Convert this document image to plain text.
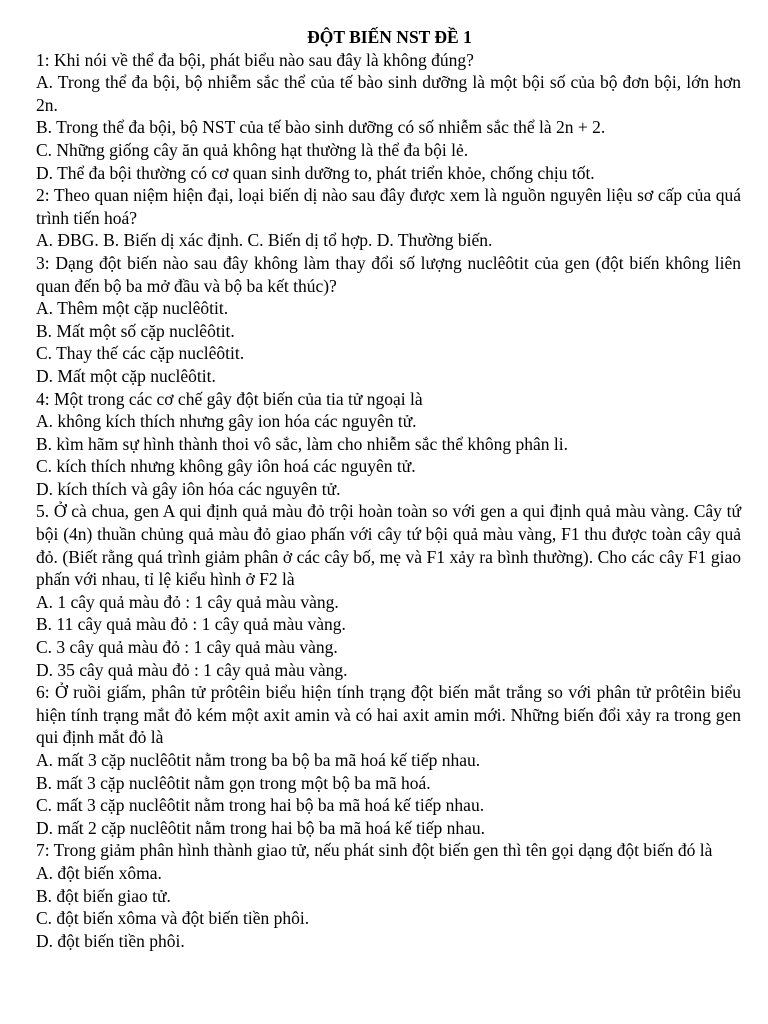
ĐỘT BIẾN NST ĐỀ 1

1: Khi nói về thể đa bội, phát biểu nào sau đây là không đúng?

A. Trong thể đa bội, bộ nhiễm sắc thể của tế bào sinh dưỡng là một bội số của bộ đơn bội, lớn hơn 2n.

B. Trong thể đa bội, bộ NST của tế bào sinh dưỡng có số nhiễm sắc thể là 2n + 2.

C. Những giống cây ăn quả không hạt thường là thể đa bội lẻ.

D. Thể đa bội thường có cơ quan sinh dưỡng to, phát triển khỏe, chống chịu tốt.

2: Theo quan niệm hiện đại, loại biến dị nào sau đây được xem là nguồn nguyên liệu sơ cấp của quá trình tiến hoá?

A. ĐBG. B. Biến dị xác định. C. Biến dị tổ hợp. D. Thường biến.

3: Dạng đột biến nào sau đây không làm thay đổi số lượng nuclêôtit của gen (đột biến không liên quan đến bộ ba mở đầu và bộ ba kết thúc)?

A. Thêm một cặp nuclêôtit.

B. Mất một số cặp nuclêôtit.

C. Thay thế các cặp nuclêôtit.

D. Mất một cặp nuclêôtit.

4: Một trong các cơ chế gây đột biến của tia tử ngoại là

A. không kích thích nhưng gây ion hóa các nguyên tử.

B. kìm hãm sự hình thành thoi vô sắc, làm cho nhiễm sắc thể không phân li.

C. kích thích nhưng không gây iôn hoá các nguyên tử.

D. kích thích và gây iôn hóa các nguyên tử.

5. Ở cà chua, gen A qui định quả màu đỏ trội hoàn toàn so với gen a qui định quả màu vàng. Cây tứ bội (4n) thuần chủng quả màu đỏ giao phấn với cây tứ bội quả màu vàng, F1 thu được toàn cây quả đỏ. (Biết rằng quá trình giảm phân ở các cây bố, mẹ và F1 xảy ra bình thường). Cho các cây F1 giao phấn với nhau, tỉ lệ kiểu hình ở F2 là

A. 1 cây quả màu đỏ : 1 cây quả màu vàng.

B. 11 cây quả màu đỏ : 1 cây quả màu vàng.

C. 3 cây quả màu đỏ : 1 cây quả màu vàng.

D. 35 cây quả màu đỏ : 1 cây quả màu vàng.

6: Ở ruồi giấm, phân tử prôtêin biểu hiện tính trạng đột biến mắt trắng so với phân tử prôtêin biểu hiện tính trạng mắt đỏ kém một axit amin và có hai axit amin mới. Những biến đổi xảy ra trong gen qui định mắt đỏ là

A. mất 3 cặp nuclêôtit nằm trong ba bộ ba mã hoá kế tiếp nhau.

B. mất 3 cặp nuclêôtit nằm gọn trong một bộ ba mã hoá.

C. mất 3 cặp nuclêôtit nằm trong hai bộ ba mã hoá kế tiếp nhau.

D. mất 2 cặp nuclêôtit nằm trong hai bộ ba mã hoá kế tiếp nhau.

7: Trong giảm phân hình thành giao tử, nếu phát sinh đột biến gen thì tên gọi dạng đột biến đó là

A. đột biến xôma.

B. đột biến giao tử.

C. đột biến xôma và đột biến tiền phôi.

D. đột biến tiền phôi.
